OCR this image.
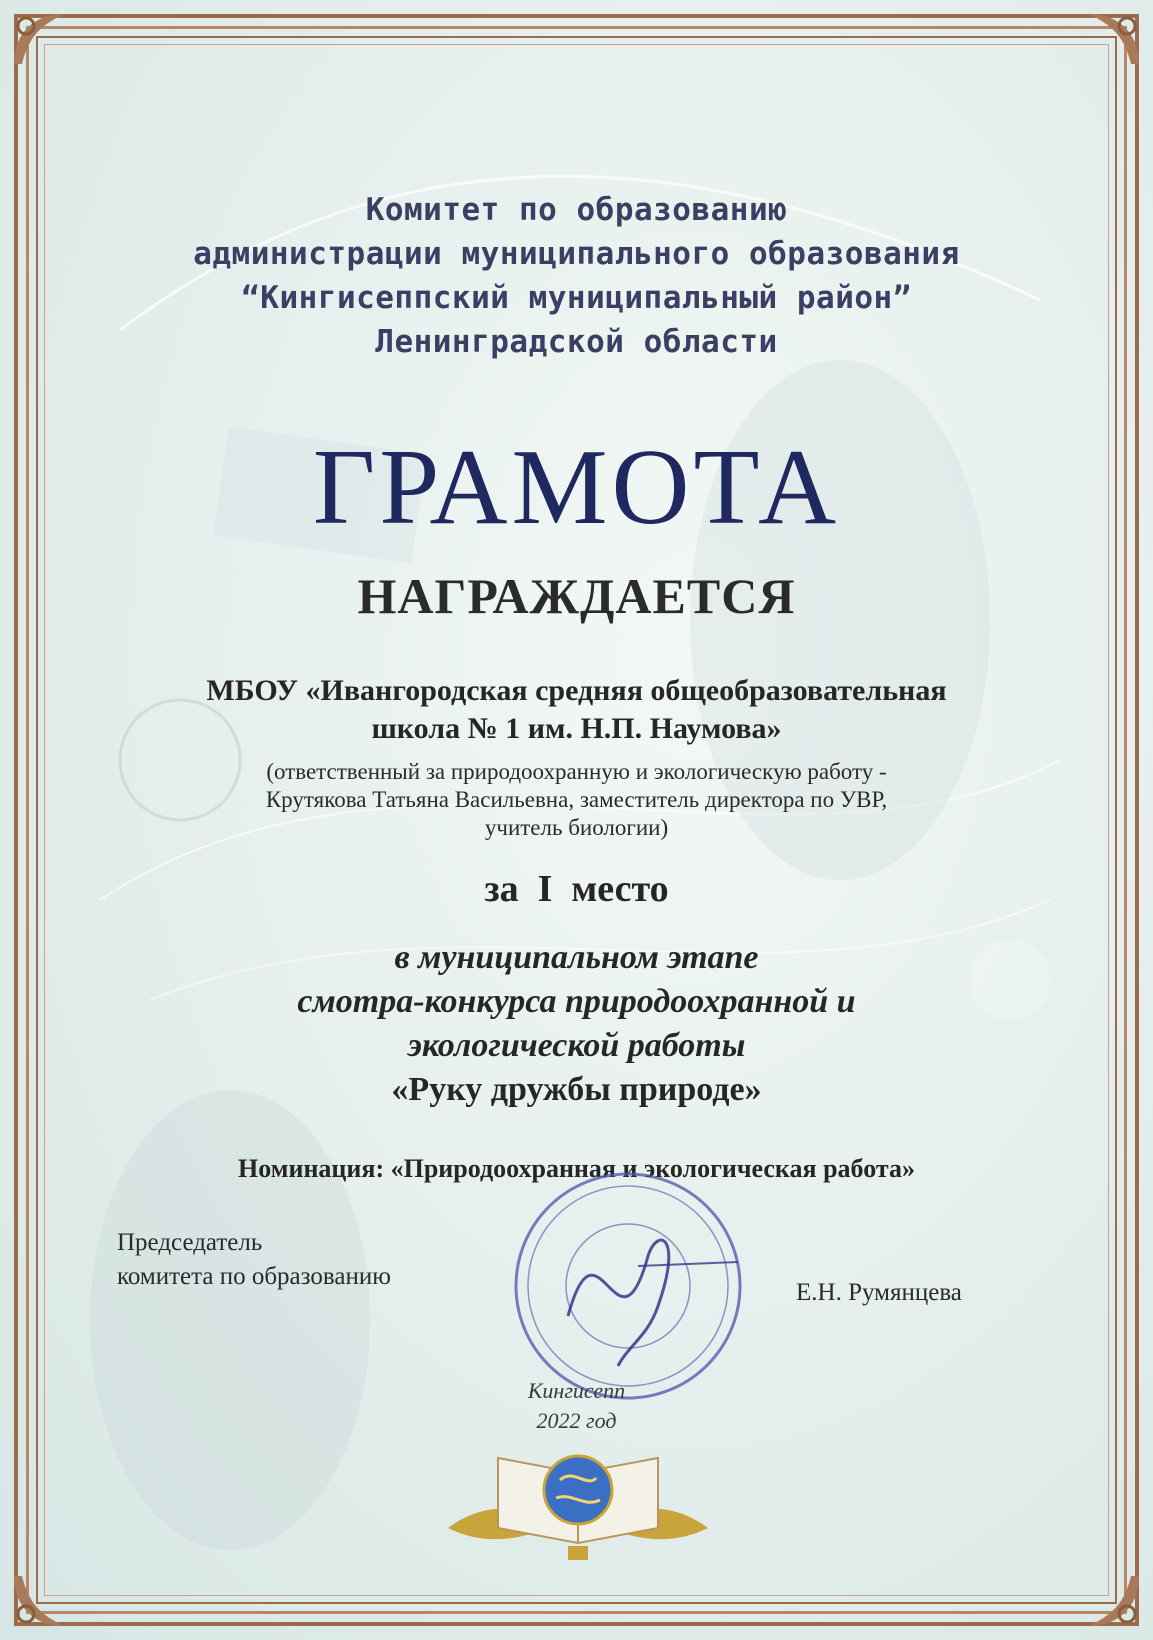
Комитет по образованию
администрации муниципального образования
“Кингисеппский муниципальный район”
Ленинградской области
ГРАМОТА
НАГРАЖДАЕТСЯ
МБОУ «Ивангородская средняя общеобразовательная
школа № 1 им. Н.П. Наумова»
(ответственный за природоохранную и экологическую работу -
Крутякова Татьяна Васильевна, заместитель директора по УВР,
учитель биологии)
за  I  место
в муниципальном этапе
смотра-конкурса природоохранной и
экологической работы
«Руку дружбы природе»
Номинация: «Природоохранная и экологическая работа»
Председатель
комитета по образованию
Е.Н. Румянцева
Кингисепп
2022 год
